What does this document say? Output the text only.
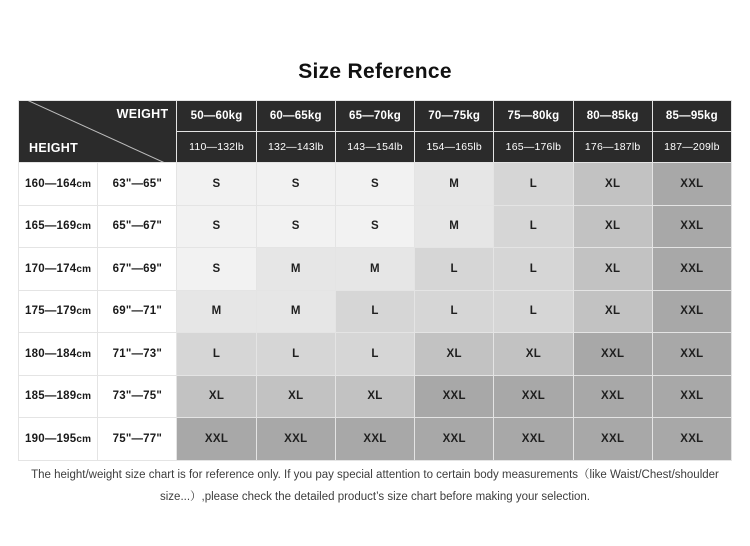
Size Reference
WEIGHT
HEIGHT		50—60kg	60—65kg	65—70kg	70—75kg	75—80kg	80—85kg	85—95kg
		110—132lb	132—143lb	143—154lb	154—165lb	165—176lb	176—187lb	187—209lb
160—164cm	63"—65"	S	S	S	M	L	XL	XXL
165—169cm	65"—67"	S	S	S	M	L	XL	XXL
170—174cm	67"—69"	S	M	M	L	L	XL	XXL
175—179cm	69"—71"	M	M	L	L	L	XL	XXL
180—184cm	71"—73"	L	L	L	XL	XL	XXL	XXL
185—189cm	73"—75"	XL	XL	XL	XXL	XXL	XXL	XXL
190—195cm	75"—77"	XXL	XXL	XXL	XXL	XXL	XXL	XXL
The height/weight size chart is for reference only. If you pay special attention to certain body measurements（like Waist/Chest/shoulder size...）,please check the detailed product’s size chart before making your selection.
